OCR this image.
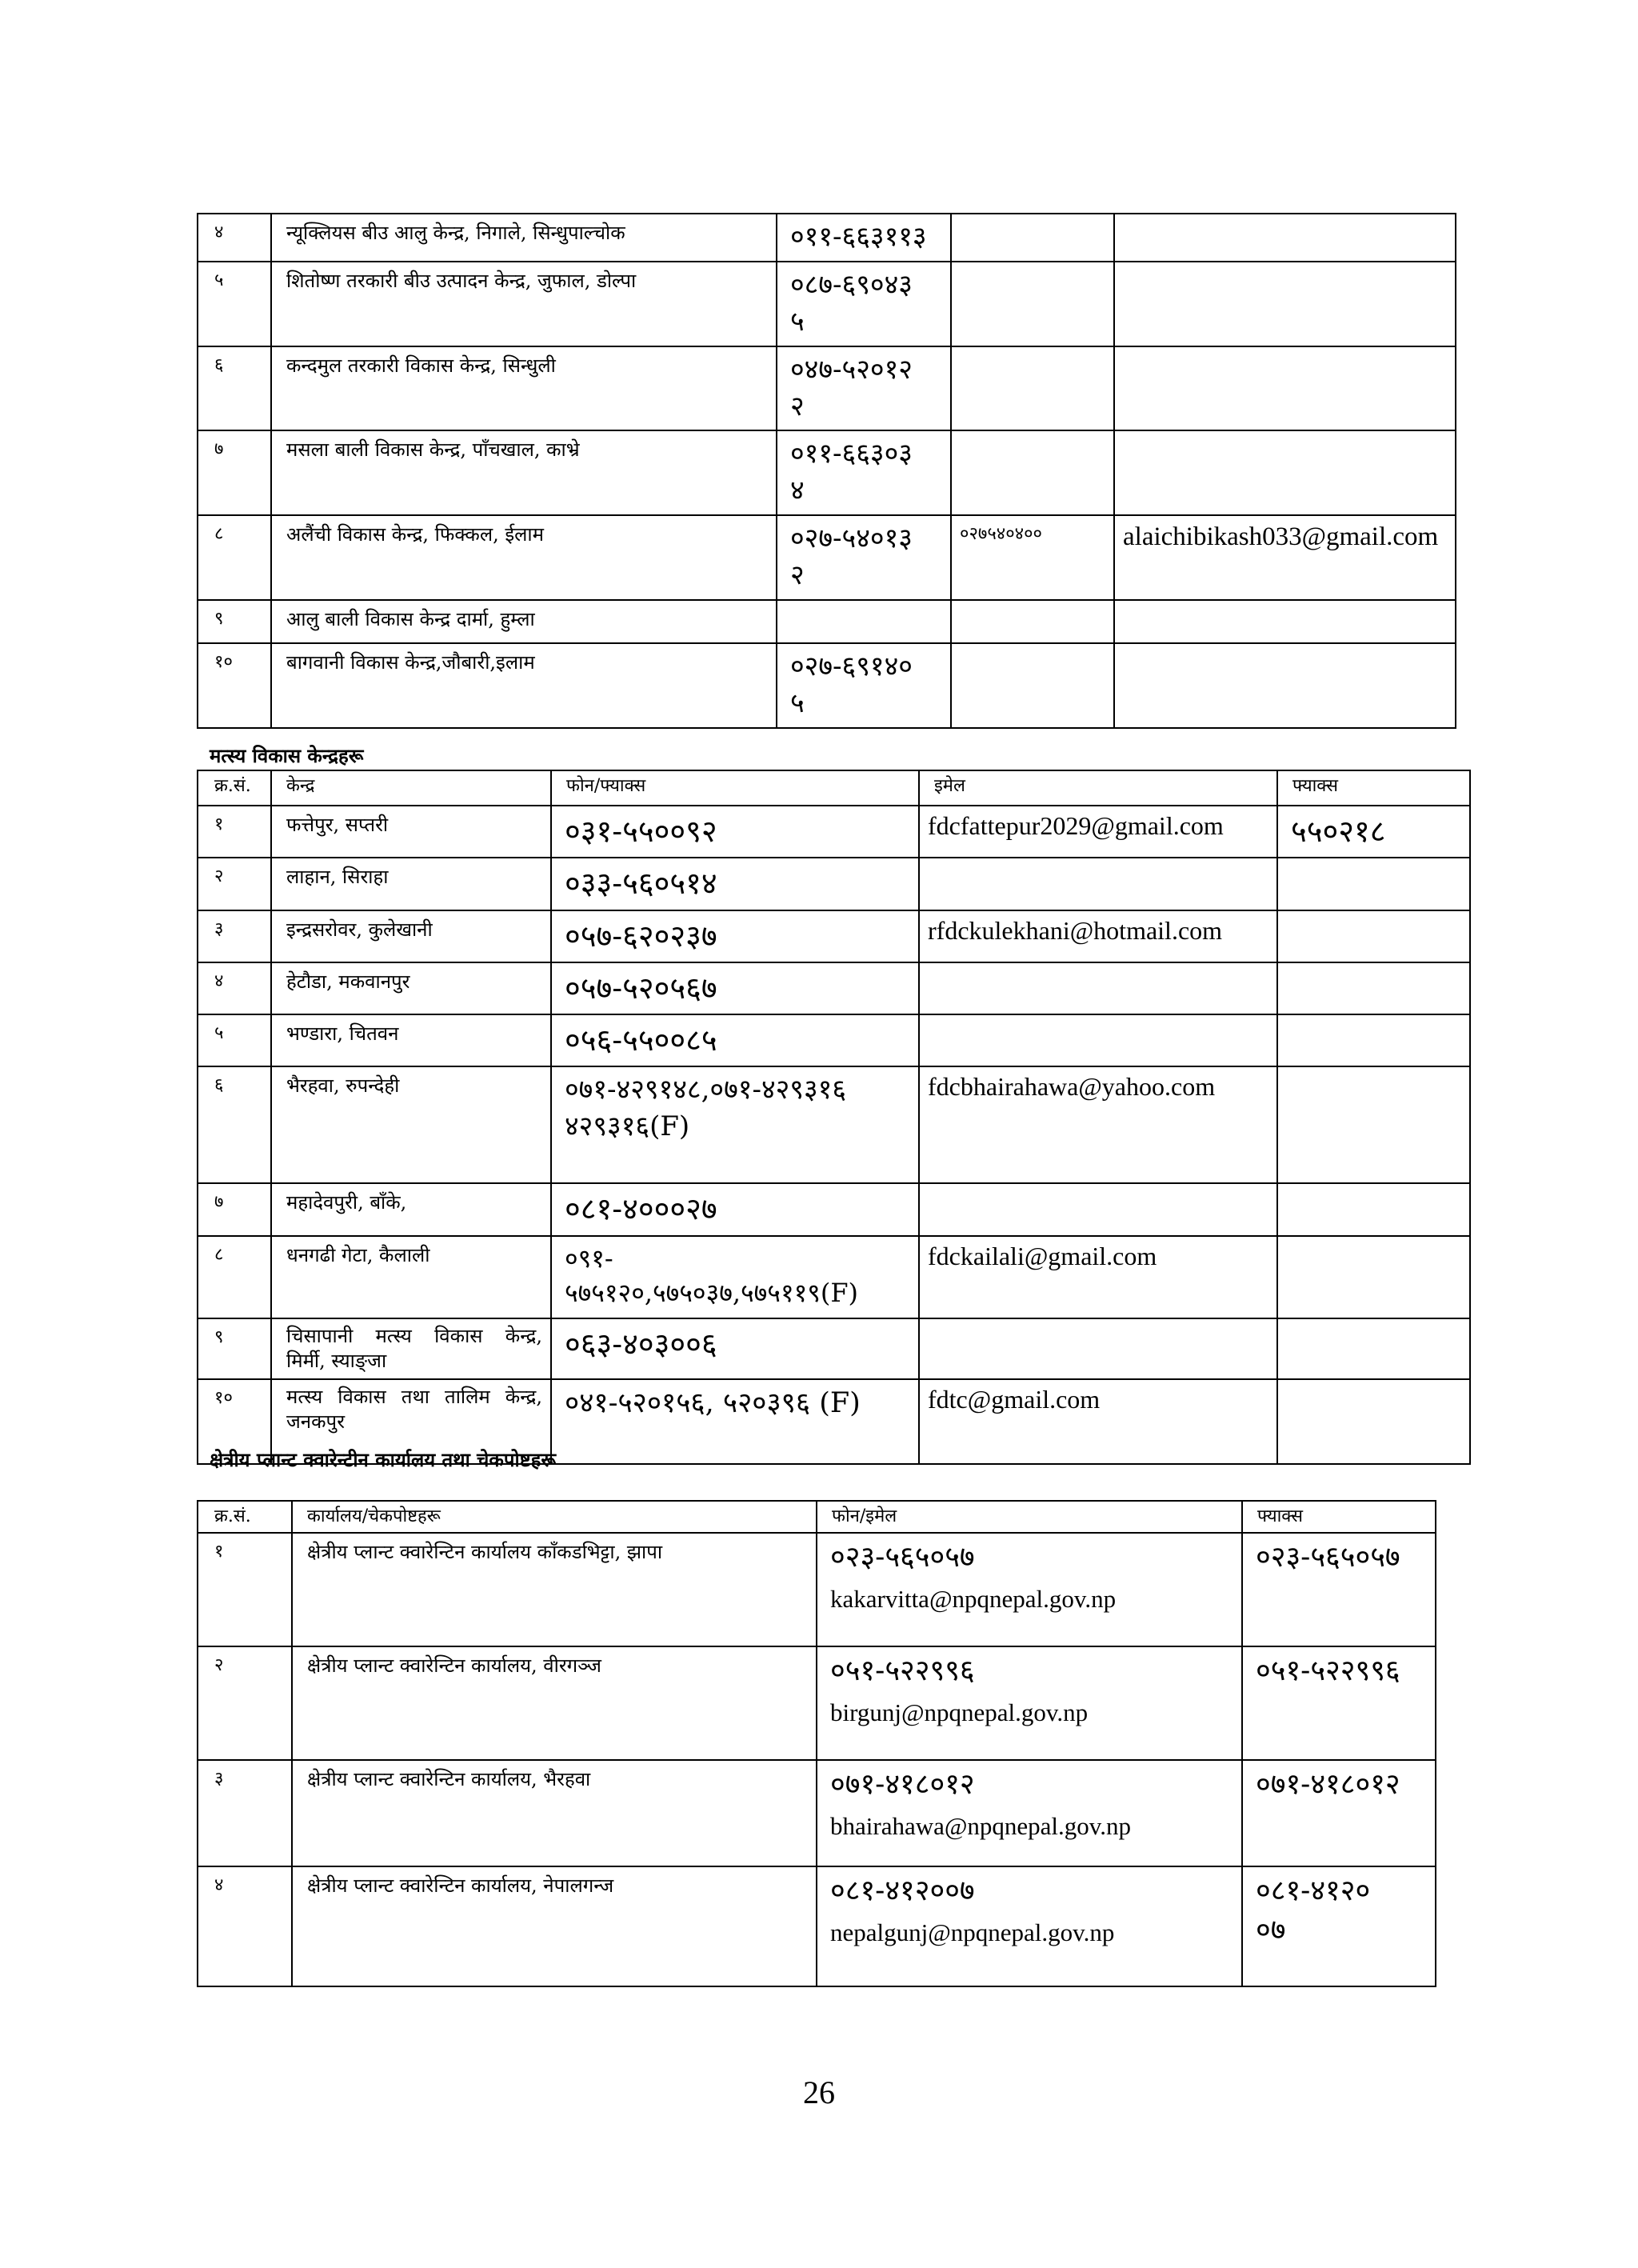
४	न्यूक्लियस बीउ आलु केन्द्र, निगाले, सिन्धुपाल्चोक	०११-६६३११३		
५	शितोष्ण तरकारी बीउ उत्पादन केन्द्र, जुफाल, डोल्पा	०८७-६९०४३५		
६	कन्दमुल तरकारी विकास केन्द्र, सिन्धुली	०४७-५२०१२२		
७	मसला बाली विकास केन्द्र, पाँचखाल, काभ्रे	०११-६६३०३४		
८	अलैंची विकास केन्द्र, फिक्कल, ईलाम	०२७-५४०१३२	०२७५४०४००	alaichibikash033@gmail.com
९	आलु बाली विकास केन्द्र दार्मा, हुम्ला			
१०	बागवानी विकास केन्द्र,जौबारी,इलाम	०२७-६९१४०५		
मत्स्य विकास केन्द्रहरू
क्र.सं.	केन्द्र	फोन/फ्याक्स	इमेल	फ्याक्स
१	फत्तेपुर, सप्तरी	०३१-५५००९२	fdcfattepur2029@gmail.com	५५०२१८
२	लाहान, सिराहा	०३३-५६०५१४		
३	इन्द्रसरोवर, कुलेखानी	०५७-६२०२३७	rfdckulekhani@hotmail.com	
४	हेटौडा, मकवानपुर	०५७-५२०५६७		
५	भण्डारा, चितवन	०५६-५५००८५		
६	भैरहवा, रुपन्देही	०७१-४२९१४८,०७१-४२९३१६
४२९३१६(F)	fdcbhairahawa@yahoo.com	
७	महादेवपुरी, बाँके,	०८१-४०००२७		
८	धनगढी गेटा, कैलाली	०९१-
५७५१२०,५७५०३७,५७५११९(F)	fdckailali@gmail.com	
९	चिसापानी मत्स्य विकास केन्द्र,
मिर्मी, स्याङ्जा	०६३-४०३००६		
१०	मत्स्य विकास तथा तालिम केन्द्र,
जनकपुर	०४१-५२०१५६, ५२०३९६ (F)	fdtc@gmail.com	
क्षेत्रीय प्लान्ट क्वारेन्टीन कार्यालय तथा चेकपोष्टहरू
क्र.सं.	कार्यालय/चेकपोष्टहरू	फोन/इमेल	फ्याक्स
१	क्षेत्रीय प्लान्ट क्वारेन्टिन कार्यालय काँकडभिट्टा, झापा	०२३-५६५०५७
kakarvitta@npqnepal.gov.np	०२३-५६५०५७
२	क्षेत्रीय प्लान्ट क्वारेन्टिन कार्यालय, वीरगञ्ज	०५१-५२२९९६
birgunj@npqnepal.gov.np	०५१-५२२९९६
३	क्षेत्रीय प्लान्ट क्वारेन्टिन कार्यालय, भैरहवा	०७१-४१८०१२
bhairahawa@npqnepal.gov.np	०७१-४१८०१२
४	क्षेत्रीय प्लान्ट क्वारेन्टिन कार्यालय, नेपालगन्ज	०८१-४१२००७
nepalgunj@npqnepal.gov.np	०८१-४१२००७
26
